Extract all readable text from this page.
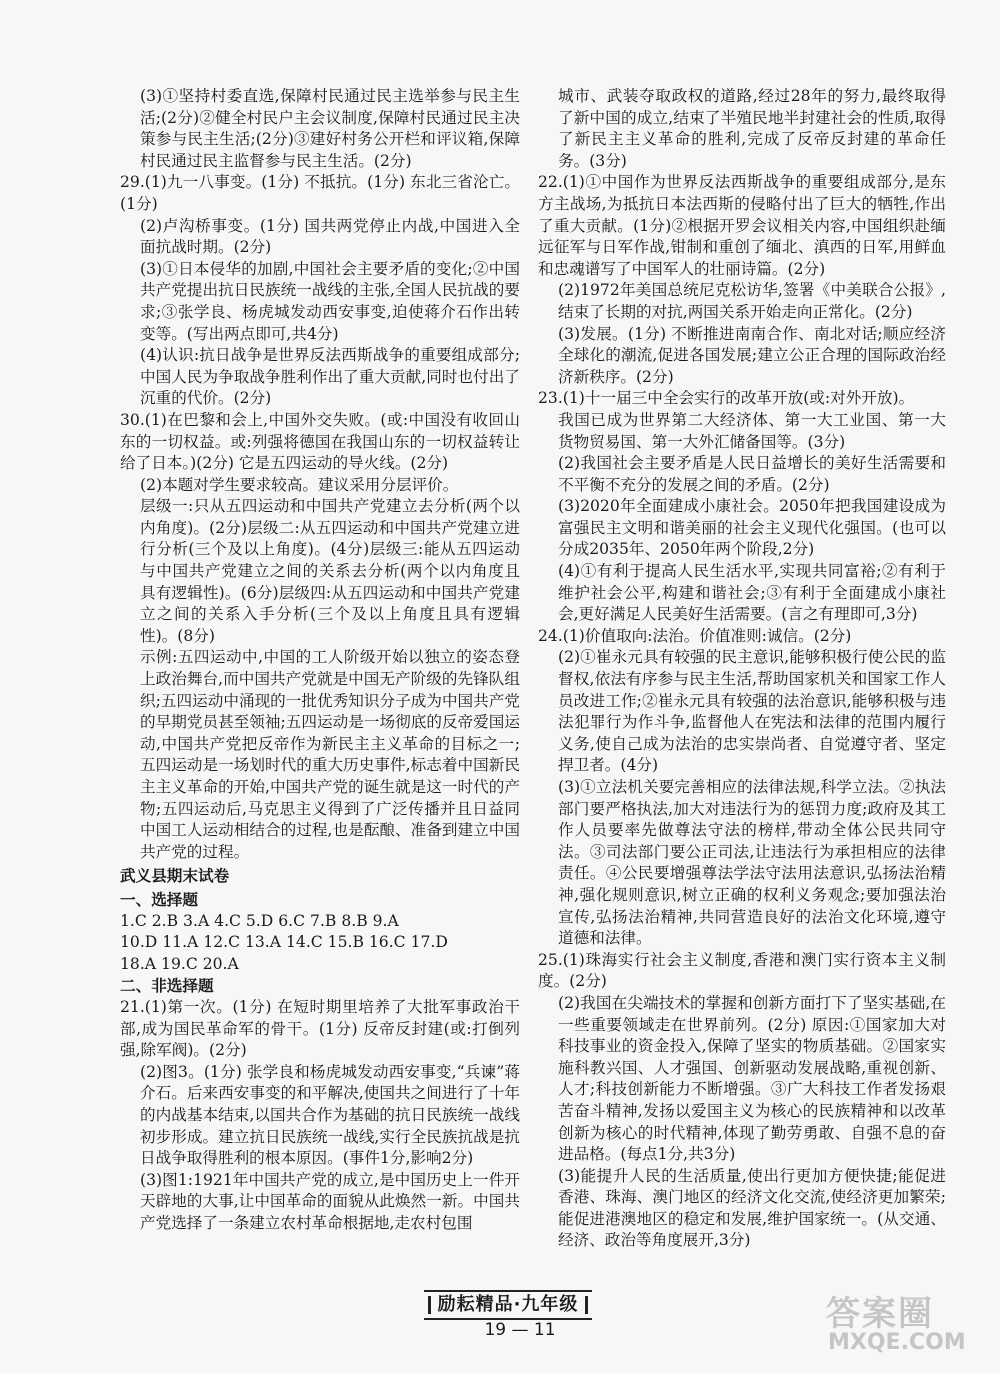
(3)①坚持村委直选,保障村民通过民主选举参与民主生活;(2分)②健全村民户主会议制度,保障村民通过民主决策参与民主生活;(2分)③建好村务公开栏和评议箱,保障村民通过民主监督参与民主生活。(2分)

29.(1)九一八事变。(1分) 不抵抗。(1分) 东北三省沦亡。(1分)

(2)卢沟桥事变。(1分) 国共两党停止内战,中国进入全面抗战时期。(2分)

(3)①日本侵华的加剧,中国社会主要矛盾的变化;②中国共产党提出抗日民族统一战线的主张,全国人民抗战的要求;③张学良、杨虎城发动西安事变,迫使蒋介石作出转变等。(写出两点即可,共4分)

(4)认识:抗日战争是世界反法西斯战争的重要组成部分;中国人民为争取战争胜利作出了重大贡献,同时也付出了沉重的代价。(2分)

30.(1)在巴黎和会上,中国外交失败。(或:中国没有收回山东的一切权益。或:列强将德国在我国山东的一切权益转让给了日本。)(2分) 它是五四运动的导火线。(2分)

(2)本题对学生要求较高。建议采用分层评价。

层级一:只从五四运动和中国共产党建立去分析(两个以内角度)。(2分)层级二:从五四运动和中国共产党建立进行分析(三个及以上角度)。(4分)层级三:能从五四运动与中国共产党建立之间的关系去分析(两个以内角度且具有逻辑性)。(6分)层级四:从五四运动和中国共产党建立之间的关系入手分析(三个及以上角度且具有逻辑性)。(8分)

示例:五四运动中,中国的工人阶级开始以独立的姿态登上政治舞台,而中国共产党就是中国无产阶级的先锋队组织;五四运动中涌现的一批优秀知识分子成为中国共产党的早期党员甚至领袖;五四运动是一场彻底的反帝爱国运动,中国共产党把反帝作为新民主主义革命的目标之一;五四运动是一场划时代的重大历史事件,标志着中国新民主主义革命的开始,中国共产党的诞生就是这一时代的产物;五四运动后,马克思主义得到了广泛传播并且日益同中国工人运动相结合的过程,也是酝酿、准备到建立中国共产党的过程。

武义县期末试卷

一、选择题

1.C 2.B 3.A 4.C 5.D 6.C 7.B 8.B 9.A

10.D 11.A 12.C 13.A 14.C 15.B 16.C 17.D

18.A 19.C 20.A

二、非选择题

21.(1)第一次。(1分) 在短时期里培养了大批军事政治干部,成为国民革命军的骨干。(1分) 反帝反封建(或:打倒列强,除军阀)。(2分)

(2)图3。(1分) 张学良和杨虎城发动西安事变,“兵谏”蒋介石。后来西安事变的和平解决,使国共之间进行了十年的内战基本结束,以国共合作为基础的抗日民族统一战线初步形成。建立抗日民族统一战线,实行全民族抗战是抗日战争取得胜利的根本原因。(事件1分,影响2分)

(3)图1:1921年中国共产党的成立,是中国历史上一件开天辟地的大事,让中国革命的面貌从此焕然一新。中国共产党选择了一条建立农村革命根据地,走农村包围

城市、武装夺取政权的道路,经过28年的努力,最终取得了新中国的成立,结束了半殖民地半封建社会的性质,取得了新民主主义革命的胜利,完成了反帝反封建的革命任务。(3分)

22.(1)①中国作为世界反法西斯战争的重要组成部分,是东方主战场,为抵抗日本法西斯的侵略付出了巨大的牺牲,作出了重大贡献。(1分)②根据开罗会议相关内容,中国组织赴缅远征军与日军作战,钳制和重创了缅北、滇西的日军,用鲜血和忠魂谱写了中国军人的壮丽诗篇。(2分)

(2)1972年美国总统尼克松访华,签署《中美联合公报》,结束了长期的对抗,两国关系开始走向正常化。(2分)

(3)发展。(1分) 不断推进南南合作、南北对话;顺应经济全球化的潮流,促进各国发展;建立公正合理的国际政治经济新秩序。(2分)

23.(1)十一届三中全会实行的改革开放(或:对外开放)。

我国已成为世界第二大经济体、第一大工业国、第一大货物贸易国、第一大外汇储备国等。(3分)

(2)我国社会主要矛盾是人民日益增长的美好生活需要和不平衡不充分的发展之间的矛盾。(2分)

(3)2020年全面建成小康社会。2050年把我国建设成为富强民主文明和谐美丽的社会主义现代化强国。(也可以分成2035年、2050年两个阶段,2分)

(4)①有利于提高人民生活水平,实现共同富裕;②有利于维护社会公平,构建和谐社会;③有利于全面建成小康社会,更好满足人民美好生活需要。(言之有理即可,3分)

24.(1)价值取向:法治。价值准则:诚信。(2分)

(2)①崔永元具有较强的民主意识,能够积极行使公民的监督权,依法有序参与民主生活,帮助国家机关和国家工作人员改进工作;②崔永元具有较强的法治意识,能够积极与违法犯罪行为作斗争,监督他人在宪法和法律的范围内履行义务,使自己成为法治的忠实崇尚者、自觉遵守者、坚定捍卫者。(4分)

(3)①立法机关要完善相应的法律法规,科学立法。②执法部门要严格执法,加大对违法行为的惩罚力度;政府及其工作人员要率先做尊法守法的榜样,带动全体公民共同守法。③司法部门要公正司法,让违法行为承担相应的法律责任。④公民要增强尊法学法守法用法意识,弘扬法治精神,强化规则意识,树立正确的权利义务观念;要加强法治宣传,弘扬法治精神,共同营造良好的法治文化环境,遵守道德和法律。

25.(1)珠海实行社会主义制度,香港和澳门实行资本主义制度。(2分)

(2)我国在尖端技术的掌握和创新方面打下了坚实基础,在一些重要领域走在世界前列。(2分) 原因:①国家加大对科技事业的资金投入,保障了坚实的物质基础。②国家实施科教兴国、人才强国、创新驱动发展战略,重视创新、人才;科技创新能力不断增强。③广大科技工作者发扬艰苦奋斗精神,发扬以爱国主义为核心的民族精神和以改革创新为核心的时代精神,体现了勤劳勇敢、自强不息的奋进品格。(每点1分,共3分)

(3)能提升人民的生活质量,使出行更加方便快捷;能促进香港、珠海、澳门地区的经济文化交流,使经济更加繁荣;能促进港澳地区的稳定和发展,维护国家统一。(从交通、经济、政治等角度展开,3分)

励耘精品·九年级
19 — 11	答案圈
MXQE.COM
